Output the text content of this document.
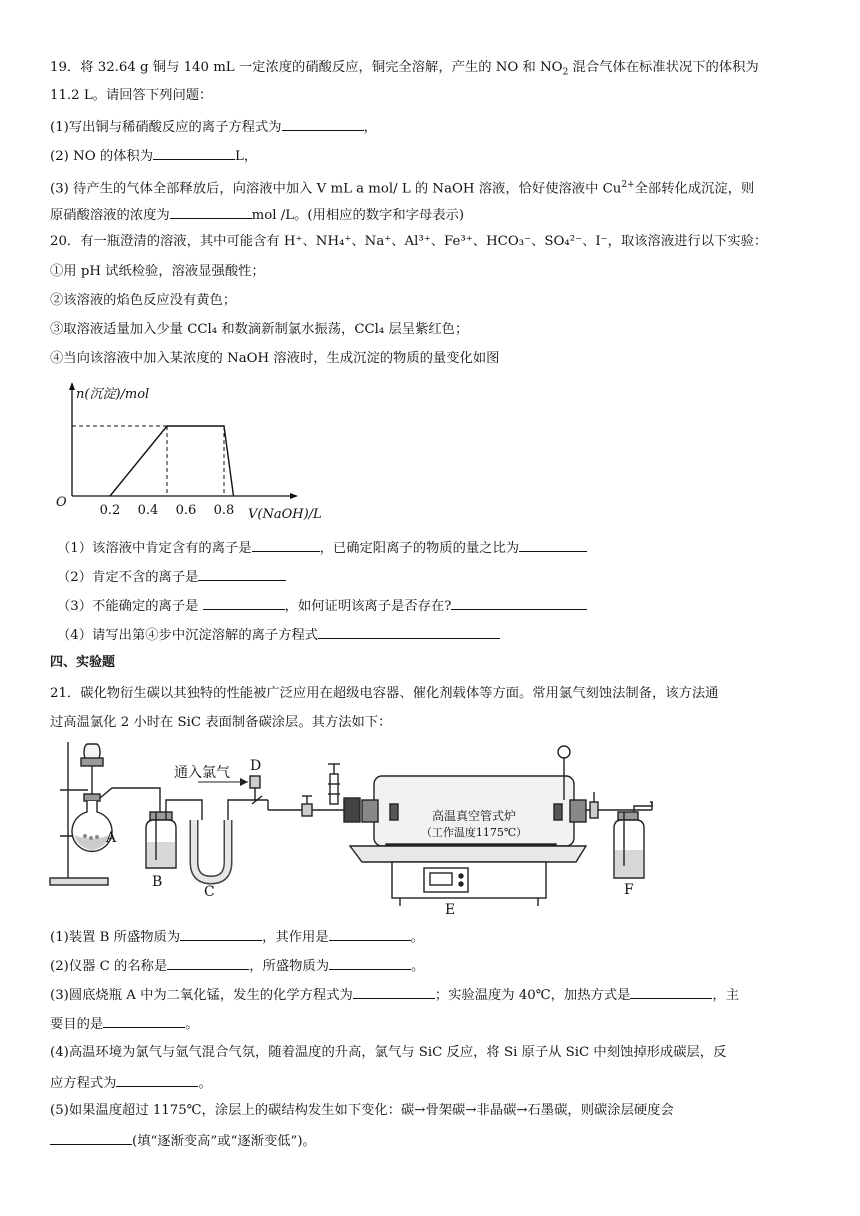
19．将 32.64 g 铜与 140 mL 一定浓度的硝酸反应，铜完全溶解，产生的 NO 和 $NO_2$ 混合气体在标准状况下的体积为
11.2 L。请回答下列问题：
(1)写出铜与稀硝酸反应的离子方程式为	，
(2) NO 的体积为	L，
(3) 待产生的气体全部释放后，向溶液中加入 V mL a mol/ L 的 NaOH 溶液，恰好使溶液中 $Cu^{2+}$全部转化成沉淀，则
原硝酸溶液的浓度为	mol /L。(用相应的数字和字母表示)
20．有一瓶澄清的溶液，其中可能含有 H⁺、NH₄⁺、Na⁺、Al³⁺、Fe³⁺、HCO₃⁻、SO₄²⁻、I⁻，取该溶液进行以下实验：
①用 pH 试纸检验，溶液显强酸性；
②该溶液的焰色反应没有黄色；
③取溶液适量加入少量 CCl₄ 和数滴新制氯水振荡，CCl₄ 层呈紫红色；
④当向该溶液中加入某浓度的 NaOH 溶液时，生成沉淀的物质的量变化如图
n(沉淀)/mol
V(NaOH)/L
O
0.2 0.4 0.6 0.8
（1）该溶液中肯定含有的离子是	，已确定阳离子的物质的量之比为
（2）肯定不含的离子是
（3）不能确定的离子是	，如何证明该离子是否存在?
（4）请写出第④步中沉淀溶解的离子方程式
四、实验题
21．碳化物衍生碳以其独特的性能被广泛应用在超级电容器、催化剂载体等方面。常用氯气刻蚀法制备，该方法通
过高温氯化 2 小时在 SiC 表面制备碳涂层。其方法如下：
通入氯气 D
A
B
C
E
F
高温真空管式炉
（工作温度1175℃）
(1)装置 B 所盛物质为	，其作用是	。
(2)仪器 C 的名称是	，所盛物质为	。
(3)圆底烧瓶 A 中为二氧化锰，发生的化学方程式为	；实验温度为 40℃，加热方式是	，主
要目的是	。
(4)高温环境为氯气与氩气混合气氛，随着温度的升高，氯气与 SiC 反应，将 Si 原子从 SiC 中刻蚀掉形成碳层，反
应方程式为	。
(5)如果温度超过 1175℃，涂层上的碳结构发生如下变化：碳→骨架碳→非晶碳→石墨碳，则碳涂层硬度会
(填“逐渐变高”或“逐渐变低”)。
